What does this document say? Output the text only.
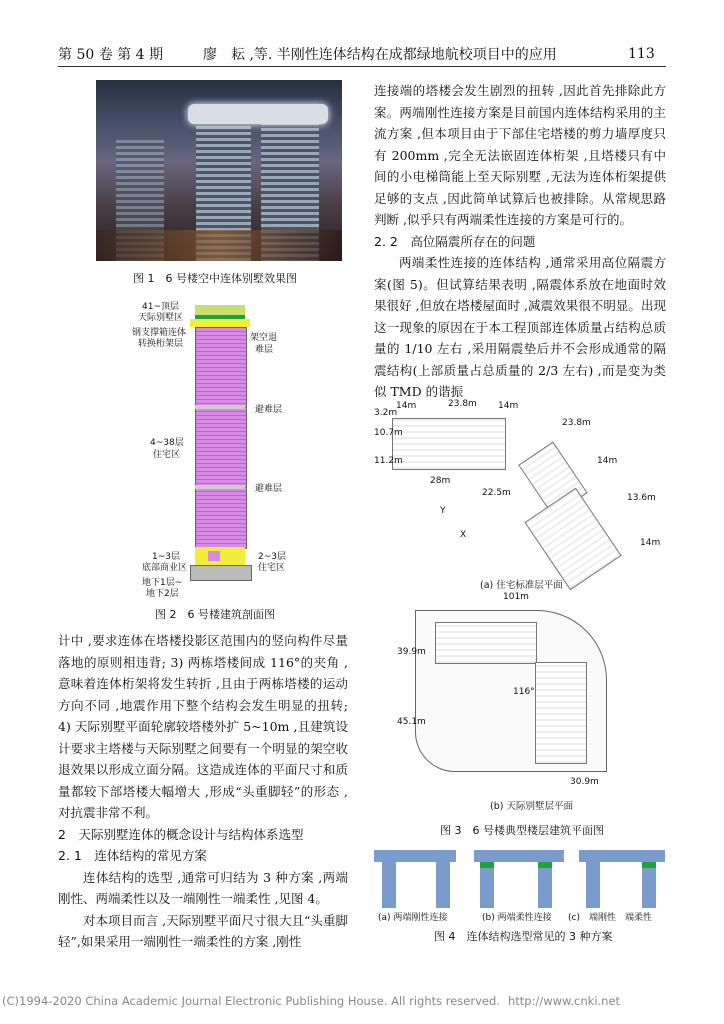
第 50 卷 第 4 期	廖　耘 ,等. 半刚性连体结构在成都绿地航校项目中的应用	113
图 1　6 号楼空中连体别墅效果图
41~顶层
天际别墅区
钢支撑箱连体
转换桁架层
架空退
难层
避难层
4~38层
住宅区
避难层
1~3层
底部商业区
2~3层
住宅区
地下1层~
地下2层
图 2　6 号楼建筑剖面图

计中 ,要求连体在塔楼投影区范围内的竖向构件尽量落地的原则相违背; 3) 两栋塔楼间成 116°的夹角 ,意味着连体桁架将发生转折 ,且由于两栋塔楼的运动方向不同 ,地震作用下整个结构会发生明显的扭转; 4) 天际别墅平面轮廓较塔楼外扩 5~10m ,且建筑设计要求主塔楼与天际别墅之间要有一个明显的架空收退效果以形成立面分隔。这造成连体的平面尺寸和质量都较下部塔楼大幅增大 ,形成“头重脚轻”的形态 ,对抗震非常不利。

2　天际别墅连体的概念设计与结构体系选型

2. 1　连体结构的常见方案

连体结构的选型 ,通常可归结为 3 种方案 ,两端刚性、两端柔性以及一端刚性一端柔性 ,见图 4。

对本项目而言 ,天际别墅平面尺寸很大且“头重脚轻”,如果采用一端刚性一端柔性的方案 ,刚性

连接端的塔楼会发生剧烈的扭转 ,因此首先排除此方案。两端刚性连接方案是目前国内连体结构采用的主流方案 ,但本项目由于下部住宅塔楼的剪力墙厚度只有 200mm ,完全无法嵌固连体桁架 ,且塔楼只有中间的小电梯筒能上至天际别墅 ,无法为连体桁架提供足够的支点 ,因此简单试算后也被排除。从常规思路判断 ,似乎只有两端柔性连接的方案是可行的。

2. 2　高位隔震所存在的问题

两端柔性连接的连体结构 ,通常采用高位隔震方案(图 5)。但试算结果表明 ,隔震体系放在地面时效果很好 ,但放在塔楼屋面时 ,减震效果很不明显。出现这一现象的原因在于本工程顶部连体质量占结构总质量的 1/10 左右 ,采用隔震垫后并不会形成通常的隔震结构(上部质量占总质量的 2/3 左右) ,而是变为类似 TMD 的谐振

14m	23.8m 14m
3.2m
10.7m
11.2m
28m
22.5m
23.8m
14m
13.6m
14m
Y
X
(a) 住宅标准层平面
101m
39.9m
45.1m
116°
30.9m
(b) 天际别墅层平面
图 3　6 号楼典型楼层建筑平面图
(a) 两端刚性连接	(b) 两端柔性连接 (c)　端刚性　端柔性
图 4　连体结构选型常见的 3 种方案
(C)1994-2020 China Academic Journal Electronic Publishing House. All rights reserved. http://www.cnki.net
